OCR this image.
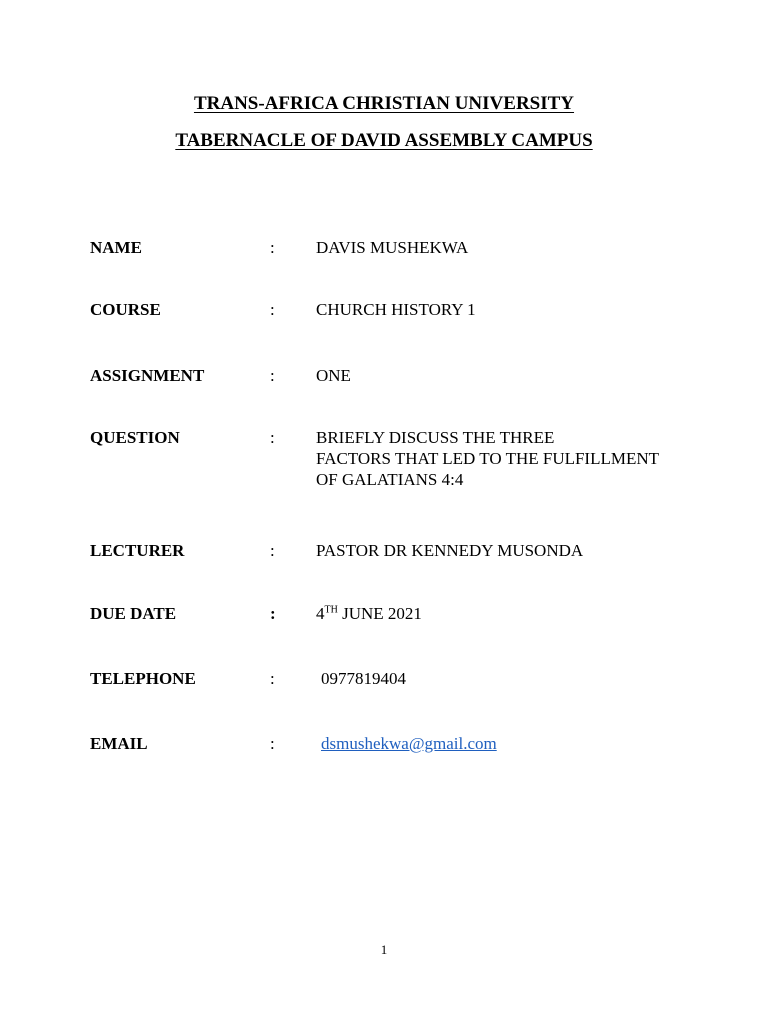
TRANS-AFRICA CHRISTIAN UNIVERSITY
TABERNACLE OF DAVID ASSEMBLY CAMPUS
NAME	: DAVIS MUSHEKWA
COURSE	: CHURCH HISTORY 1
ASSIGNMENT	: ONE
QUESTION	: BRIEFLY DISCUSS THE THREE
FACTORS THAT LED TO THE FULFILLMENT
OF GALATIANS 4:4
LECTURER	: PASTOR DR KENNEDY MUSONDA
DUE DATE	: 4TH JUNE 2021
TELEPHONE	:	0977819404
EMAIL	:	dsmushekwa@gmail.com
1
